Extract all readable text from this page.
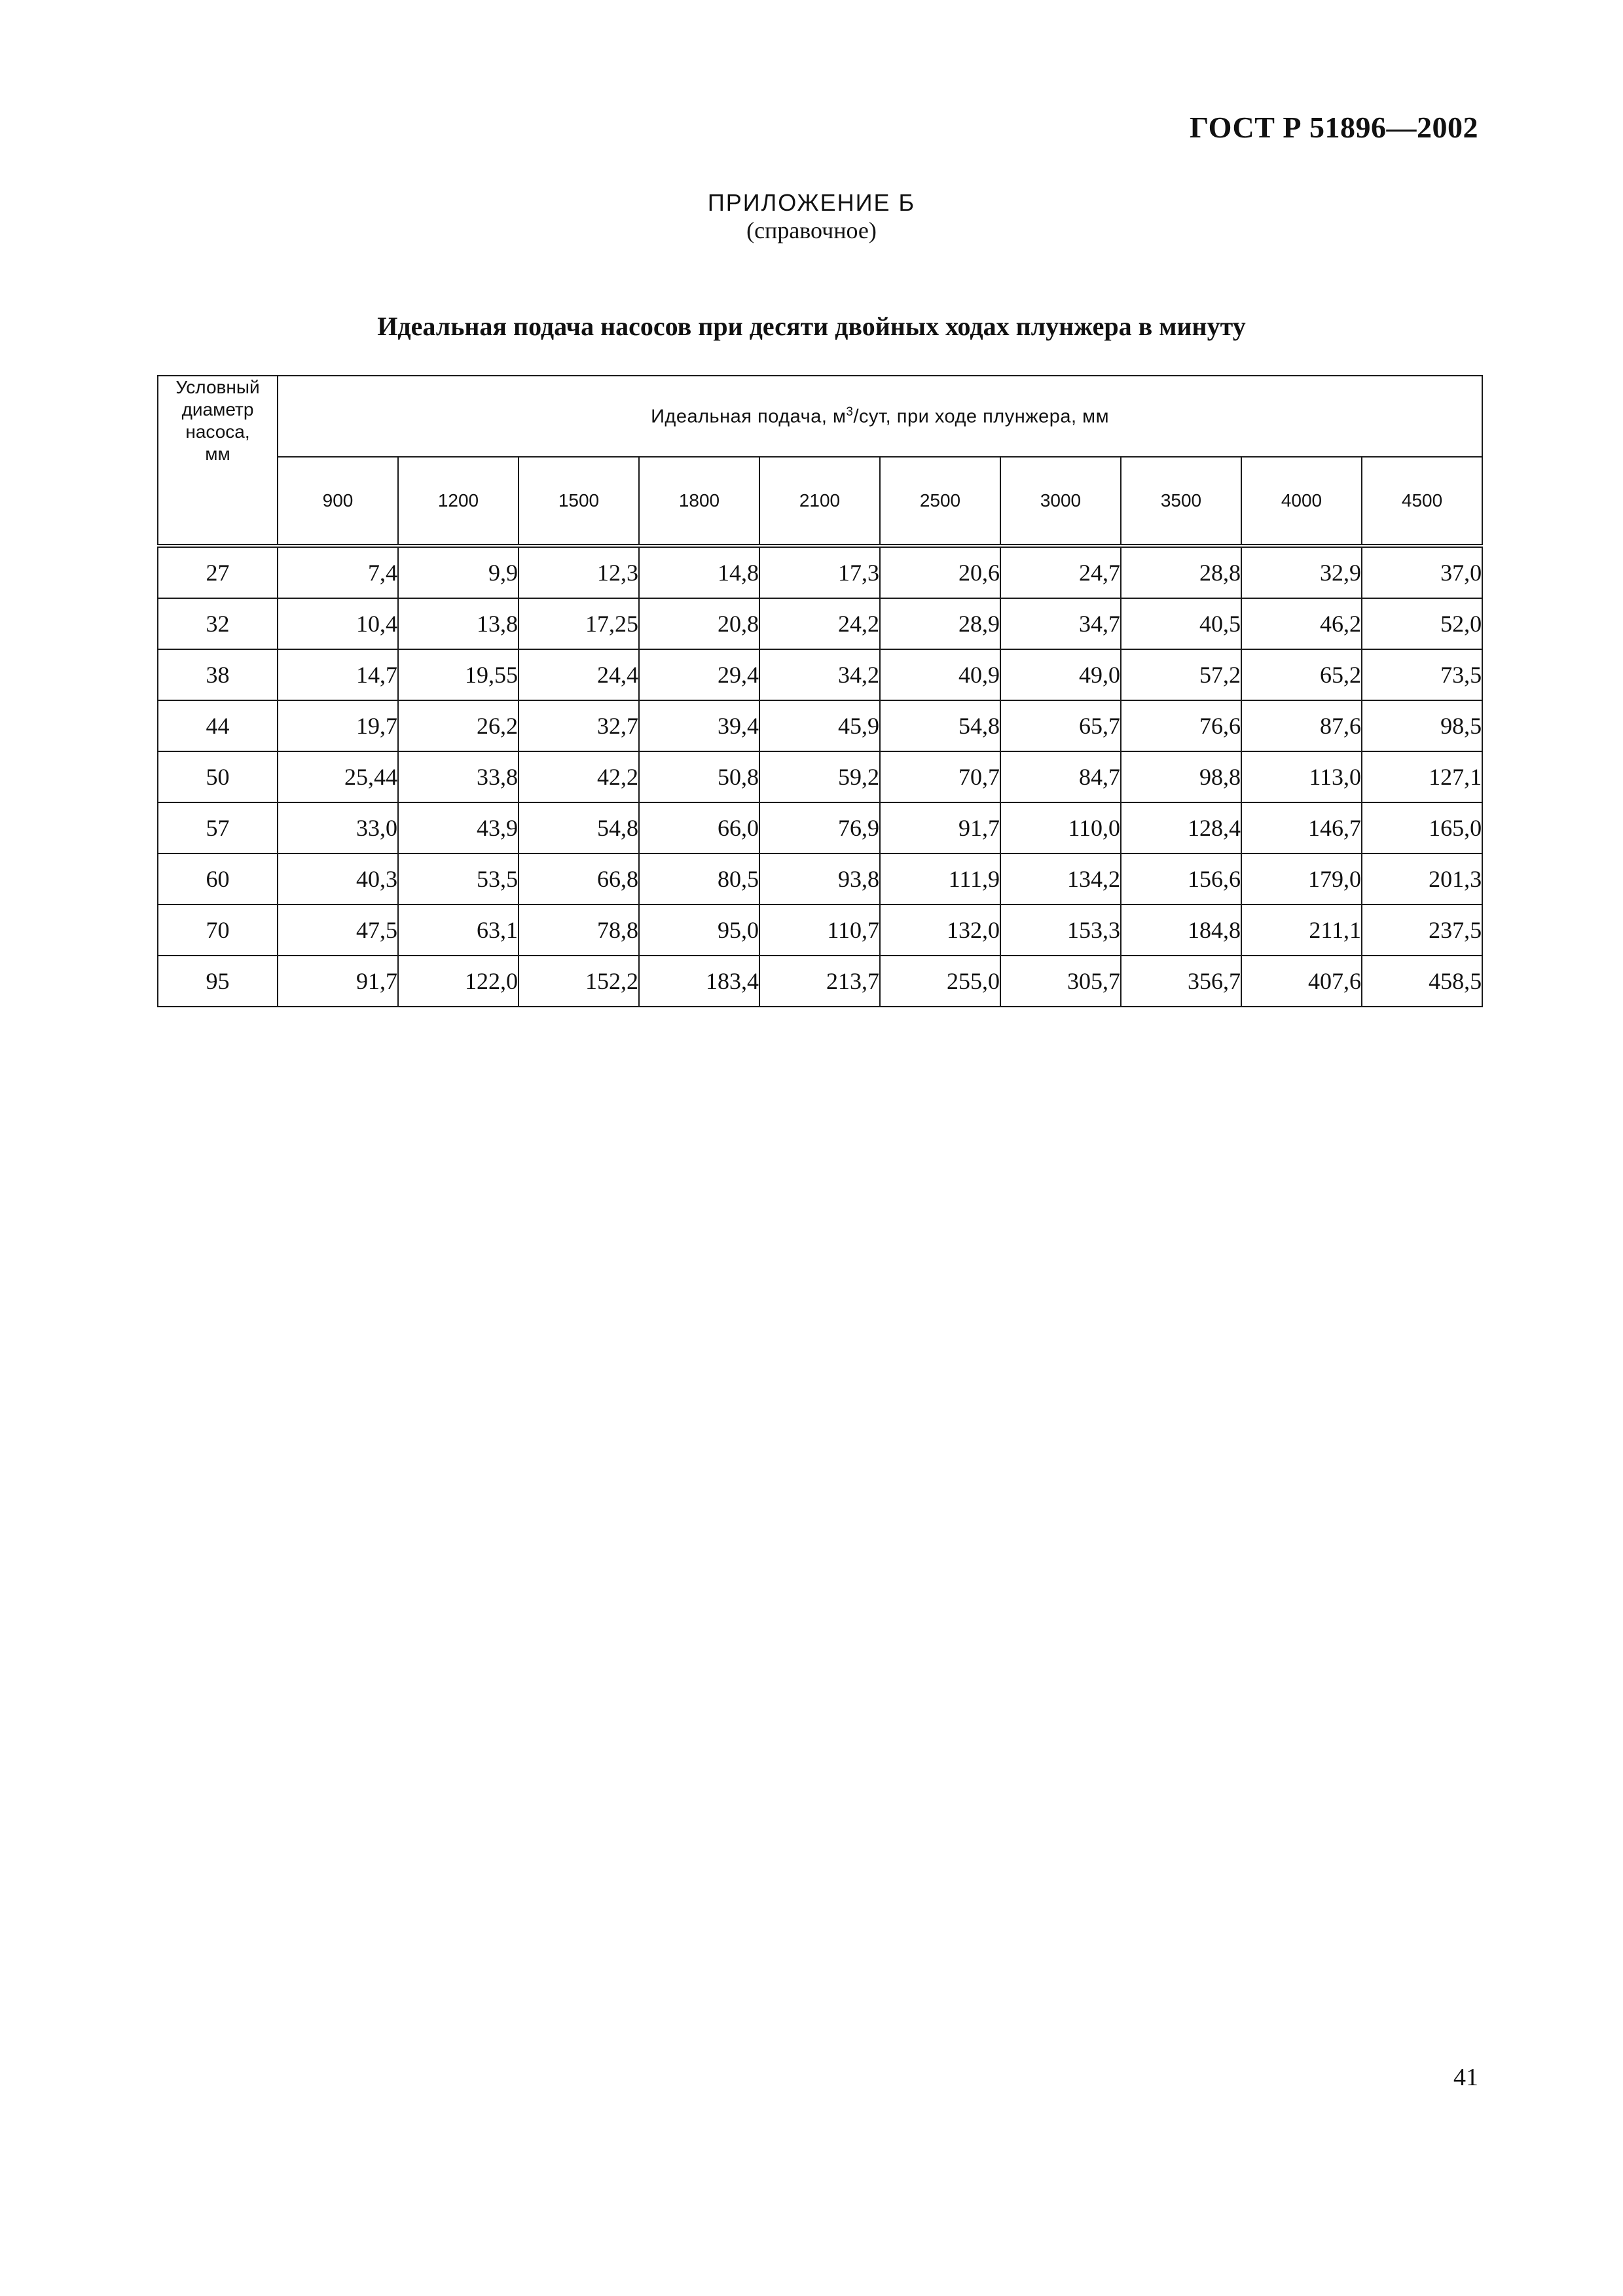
ГОСТ Р 51896—2002
ПРИЛОЖЕНИЕ Б
(справочное)
Идеальная подача насосов при десяти двойных ходах плунжера в минуту
Условный
диаметр
насоса,
мм	Идеальная подача, $м^3$/сут, при ходе плунжера, мм									
	900	1200	1500	1800	2100	2500	3000	3500	4000	4500
27	7,4	9,9	12,3	14,8	17,3	20,6	24,7	28,8	32,9	37,0
32	10,4	13,8	17,25	20,8	24,2	28,9	34,7	40,5	46,2	52,0
38	14,7	19,55	24,4	29,4	34,2	40,9	49,0	57,2	65,2	73,5
44	19,7	26,2	32,7	39,4	45,9	54,8	65,7	76,6	87,6	98,5
50	25,44	33,8	42,2	50,8	59,2	70,7	84,7	98,8	113,0	127,1
57	33,0	43,9	54,8	66,0	76,9	91,7	110,0	128,4	146,7	165,0
60	40,3	53,5	66,8	80,5	93,8	111,9	134,2	156,6	179,0	201,3
70	47,5	63,1	78,8	95,0	110,7	132,0	153,3	184,8	211,1	237,5
95	91,7	122,0	152,2	183,4	213,7	255,0	305,7	356,7	407,6	458,5
41
